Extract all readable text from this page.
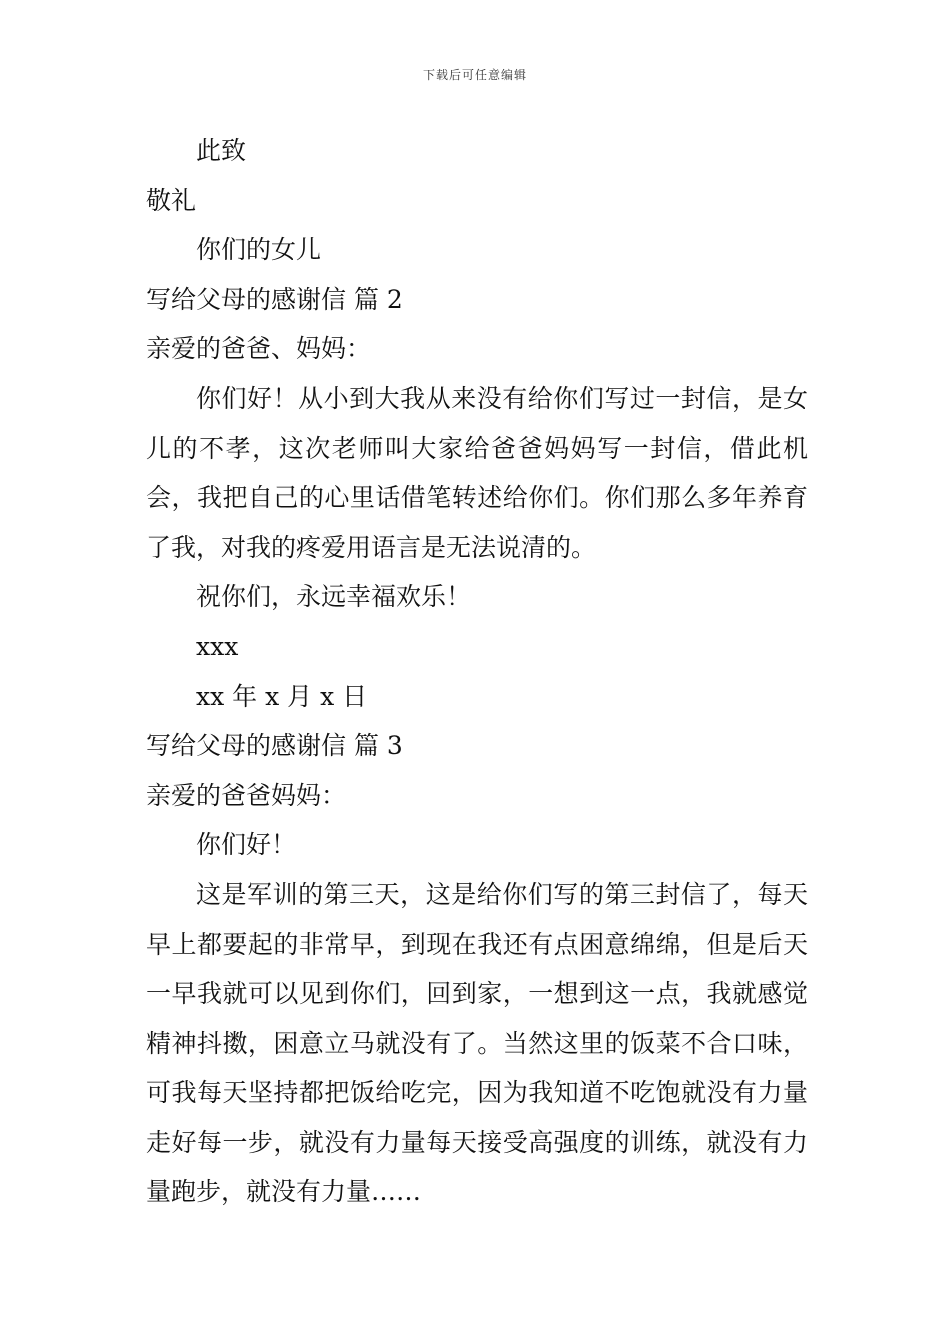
下载后可任意编辑
此致
敬礼
你们的女儿
写给父母的感谢信 篇 2
亲爱的爸爸、妈妈：
你们好！从小到大我从来没有给你们写过一封信，是女儿的不孝，这次老师叫大家给爸爸妈妈写一封信，借此机会，我把自己的心里话借笔转述给你们。你们那么多年养育了我，对我的疼爱用语言是无法说清的。
祝你们，永远幸福欢乐！
xxx
xx 年 x 月 x 日
写给父母的感谢信 篇 3
亲爱的爸爸妈妈：
你们好！
这是军训的第三天，这是给你们写的第三封信了，每天早上都要起的非常早，到现在我还有点困意绵绵，但是后天一早我就可以见到你们，回到家，一想到这一点，我就感觉精神抖擞，困意立马就没有了。当然这里的饭菜不合口味，可我每天坚持都把饭给吃完，因为我知道不吃饱就没有力量走好每一步，就没有力量每天接受高强度的训练，就没有力量跑步，就没有力量……
